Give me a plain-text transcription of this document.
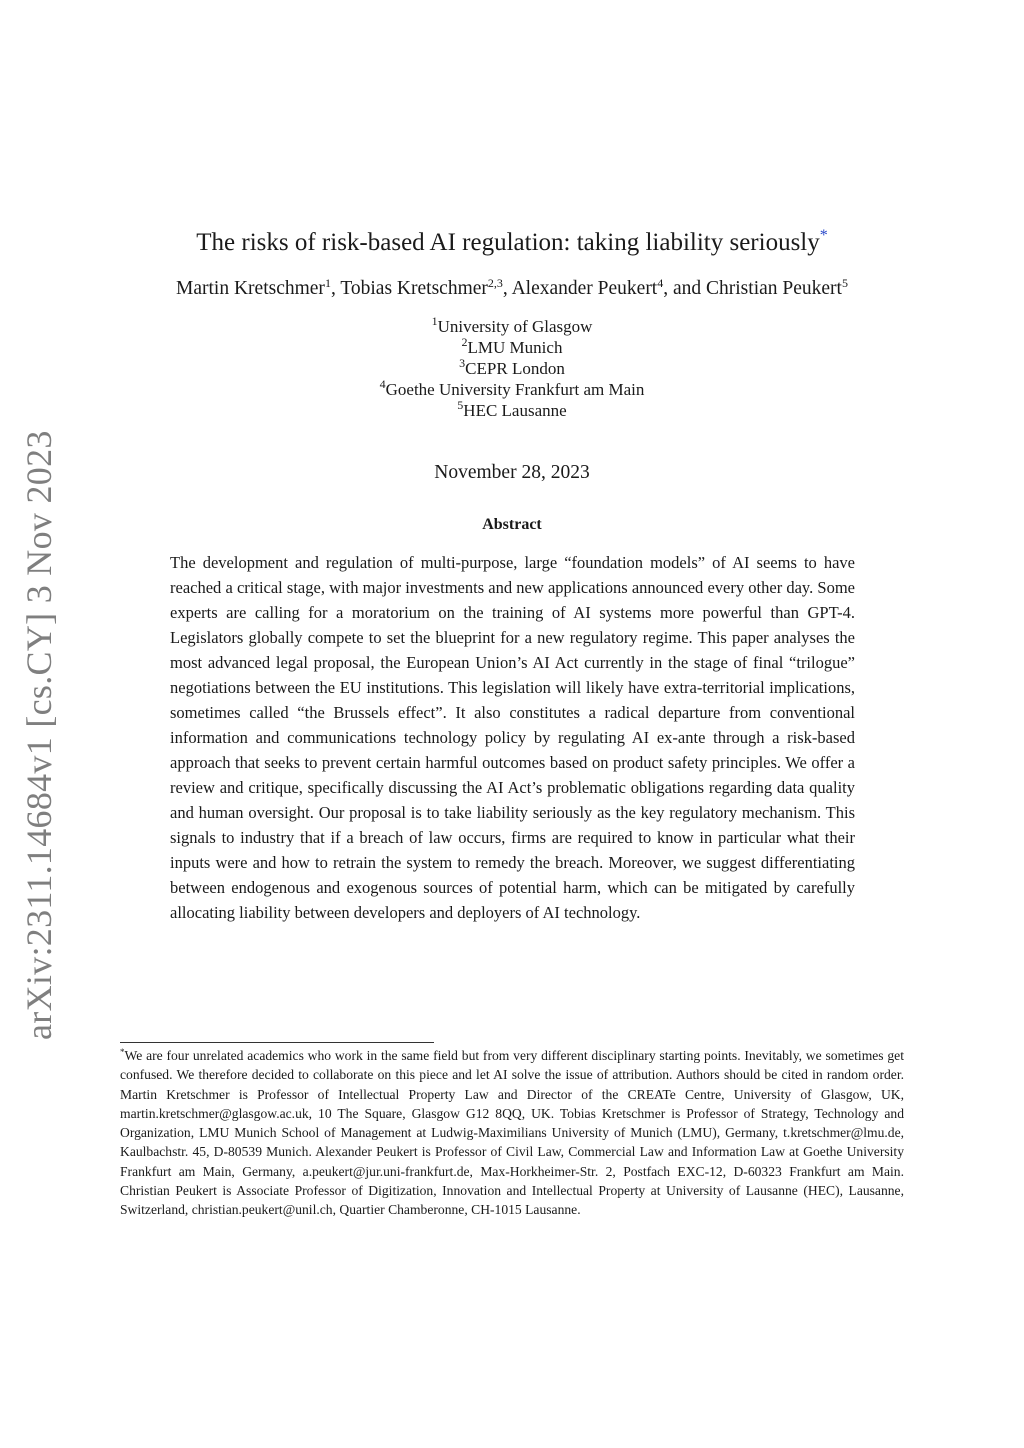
arXiv:2311.14684v1 [cs.CY] 3 Nov 2023
The risks of risk-based AI regulation: taking liability seriously*
Martin Kretschmer$^1$, Tobias Kretschmer$^{2,3}$, Alexander Peukert$^4$, and Christian Peukert$^5$
$^1$University of Glasgow
$^2$LMU Munich
$^3$CEPR London
$^4$Goethe University Frankfurt am Main
$^5$HEC Lausanne
November 28, 2023
Abstract
The development and regulation of multi-purpose, large “foundation models” of AI seems to have reached a critical stage, with major investments and new applications announced every other day. Some experts are calling for a moratorium on the training of AI systems more powerful than GPT-4. Legislators globally compete to set the blueprint for a new regulatory regime. This paper analyses the most advanced legal proposal, the European Union’s AI Act currently in the stage of final “trilogue” negotiations between the EU institutions. This legislation will likely have extra-territorial implications, sometimes called “the Brussels effect”. It also constitutes a radical departure from conventional information and communications technology policy by regulating AI ex-ante through a risk-based approach that seeks to prevent certain harmful outcomes based on product safety principles. We offer a review and critique, specifically discussing the AI Act’s problematic obligations regarding data quality and human oversight. Our proposal is to take liability seriously as the key regulatory mechanism. This signals to industry that if a breach of law occurs, firms are required to know in particular what their inputs were and how to retrain the system to remedy the breach. Moreover, we suggest differentiating between endogenous and exogenous sources of potential harm, which can be mitigated by carefully allocating liability between developers and deployers of AI technology.
*We are four unrelated academics who work in the same field but from very different disciplinary starting points. Inevitably, we sometimes get confused. We therefore decided to collaborate on this piece and let AI solve the issue of attribution. Authors should be cited in random order. Martin Kretschmer is Professor of Intellectual Property Law and Director of the CREATe Centre, University of Glasgow, UK, martin.kretschmer@glasgow.ac.uk, 10 The Square, Glasgow G12 8QQ, UK. Tobias Kretschmer is Professor of Strategy, Technology and Organization, LMU Munich School of Management at Ludwig-Maximilians University of Munich (LMU), Germany, t.kretschmer@lmu.de, Kaulbachstr. 45, D-80539 Munich. Alexander Peukert is Professor of Civil Law, Commercial Law and Information Law at Goethe University Frankfurt am Main, Germany, a.peukert@jur.uni-frankfurt.de, Max-Horkheimer-Str. 2, Postfach EXC-12, D-60323 Frankfurt am Main. Christian Peukert is Associate Professor of Digitization, Innovation and Intellectual Property at University of Lausanne (HEC), Lausanne, Switzerland, christian.peukert@unil.ch, Quartier Chamberonne, CH-1015 Lausanne.
